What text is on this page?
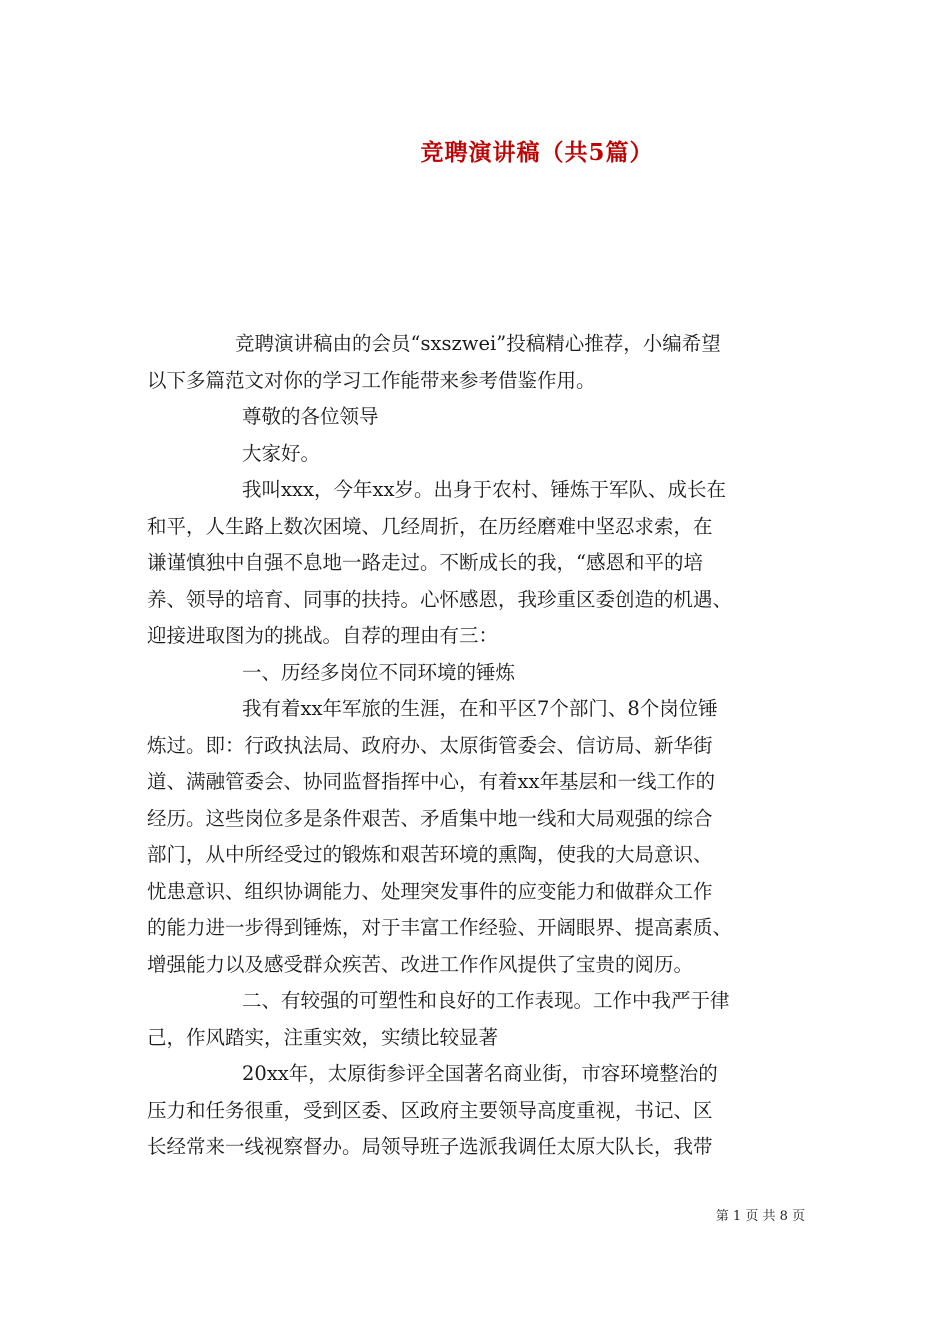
竞聘演讲稿（共5篇）

竞聘演讲稿由的会员“sxszwei”投稿精心推荐，小编希望

以下多篇范文对你的学习工作能带来参考借鉴作用。

尊敬的各位领导

大家好。

我叫xxx，今年xx岁。出身于农村、锤炼于军队、成长在

和平，人生路上数次困境、几经周折，在历经磨难中坚忍求索，在

谦谨慎独中自强不息地一路走过。不断成长的我，“感恩和平的培

养、领导的培育、同事的扶持。心怀感恩，我珍重区委创造的机遇、

迎接进取图为的挑战。自荐的理由有三：

一、历经多岗位不同环境的锤炼

我有着xx年军旅的生涯，在和平区7个部门、8个岗位锤

炼过。即：行政执法局、政府办、太原街管委会、信访局、新华街

道、满融管委会、协同监督指挥中心，有着xx年基层和一线工作的

经历。这些岗位多是条件艰苦、矛盾集中地一线和大局观强的综合

部门，从中所经受过的锻炼和艰苦环境的熏陶，使我的大局意识、

忧患意识、组织协调能力、处理突发事件的应变能力和做群众工作

的能力进一步得到锤炼，对于丰富工作经验、开阔眼界、提高素质、

增强能力以及感受群众疾苦、改进工作作风提供了宝贵的阅历。

二、有较强的可塑性和良好的工作表现。工作中我严于律

己，作风踏实，注重实效，实绩比较显著

20xx年，太原街参评全国著名商业街，市容环境整治的

压力和任务很重，受到区委、区政府主要领导高度重视，书记、区

长经常来一线视察督办。局领导班子选派我调任太原大队长，我带

第 1 页 共 8 页
